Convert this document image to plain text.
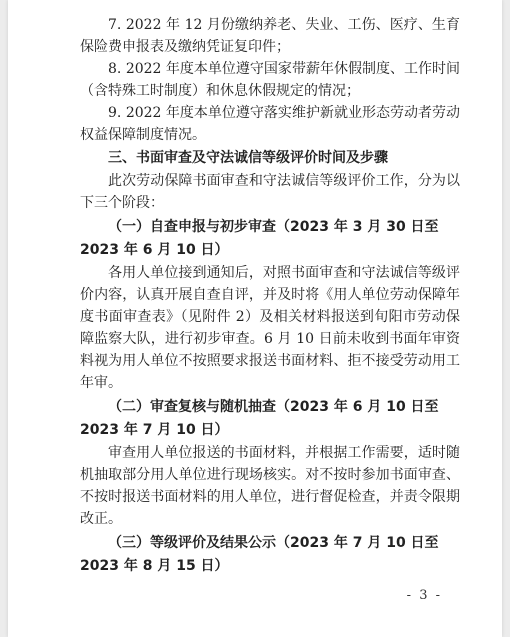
7. 2022 年 12 月份缴纳养老、失业、工伤、医疗、生育保险费申报表及缴纳凭证复印件；

8. 2022 年度本单位遵守国家带薪年休假制度、工作时间（含特殊工时制度）和休息休假规定的情况；

9. 2022 年度本单位遵守落实维护新就业形态劳动者劳动权益保障制度情况。

三、书面审查及守法诚信等级评价时间及步骤

此次劳动保障书面审查和守法诚信等级评价工作，分为以下三个阶段：

（一）自查申报与初步审查（2023 年 3 月 30 日至 2023 年 6 月 10 日）

各用人单位接到通知后，对照书面审查和守法诚信等级评价内容，认真开展自查自评，并及时将《用人单位劳动保障年度书面审查表》（见附件 2）及相关材料报送到旬阳市劳动保障监察大队，进行初步审查。6 月 10 日前未收到书面年审资料视为用人单位不按照要求报送书面材料、拒不接受劳动用工年审。

（二）审查复核与随机抽查（2023 年 6 月 10 日至 2023 年 7 月 10 日）

审查用人单位报送的书面材料，并根据工作需要，适时随机抽取部分用人单位进行现场核实。对不按时参加书面审查、不按时报送书面材料的用人单位，进行督促检查，并责令限期改正。

（三）等级评价及结果公示（2023 年 7 月 10 日至 2023 年 8 月 15 日）
- 3 -
